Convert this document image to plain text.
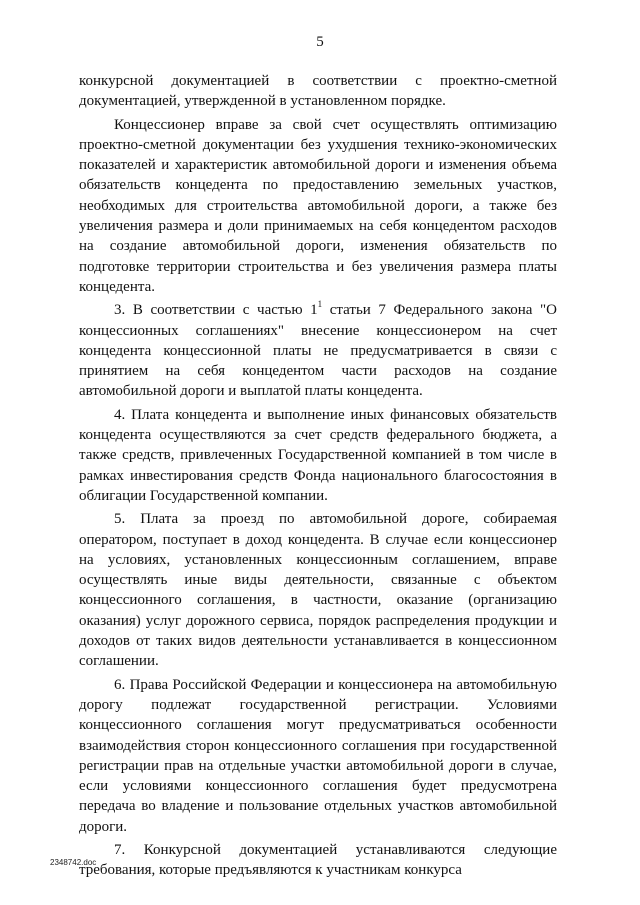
5

конкурсной документацией в соответствии с проектно-сметной документацией, утвержденной в установленном порядке.

Концессионер вправе за свой счет осуществлять оптимизацию проектно-сметной документации без ухудшения технико-экономических показателей и характеристик автомобильной дороги и изменения объема обязательств концедента по предоставлению земельных участков, необходимых для строительства автомобильной дороги, а также без увеличения размера и доли принимаемых на себя концедентом расходов на создание автомобильной дороги, изменения обязательств по подготовке территории строительства и без увеличения размера платы концедента.

3. В соответствии с частью $1^1$ статьи 7 Федерального закона "О концессионных соглашениях" внесение концессионером на счет концедента концессионной платы не предусматривается в связи с принятием на себя концедентом части расходов на создание автомобильной дороги и выплатой платы концедента.

4. Плата концедента и выполнение иных финансовых обязательств концедента осуществляются за счет средств федерального бюджета, а также средств, привлеченных Государственной компанией в том числе в рамках инвестирования средств Фонда национального благосостояния в облигации Государственной компании.

5. Плата за проезд по автомобильной дороге, собираемая оператором, поступает в доход концедента. В случае если концессионер на условиях, установленных концессионным соглашением, вправе осуществлять иные виды деятельности, связанные с объектом концессионного соглашения, в частности, оказание (организацию оказания) услуг дорожного сервиса, порядок распределения продукции и доходов от таких видов деятельности устанавливается в концессионном соглашении.

6. Права Российской Федерации и концессионера на автомобильную дорогу подлежат государственной регистрации. Условиями концессионного соглашения могут предусматриваться особенности взаимодействия сторон концессионного соглашения при государственной регистрации прав на отдельные участки автомобильной дороги в случае, если условиями концессионного соглашения будет предусмотрена передача во владение и пользование отдельных участков автомобильной дороги.

7. Конкурсной документацией устанавливаются следующие требования, которые предъявляются к участникам конкурса

2348742.doc
